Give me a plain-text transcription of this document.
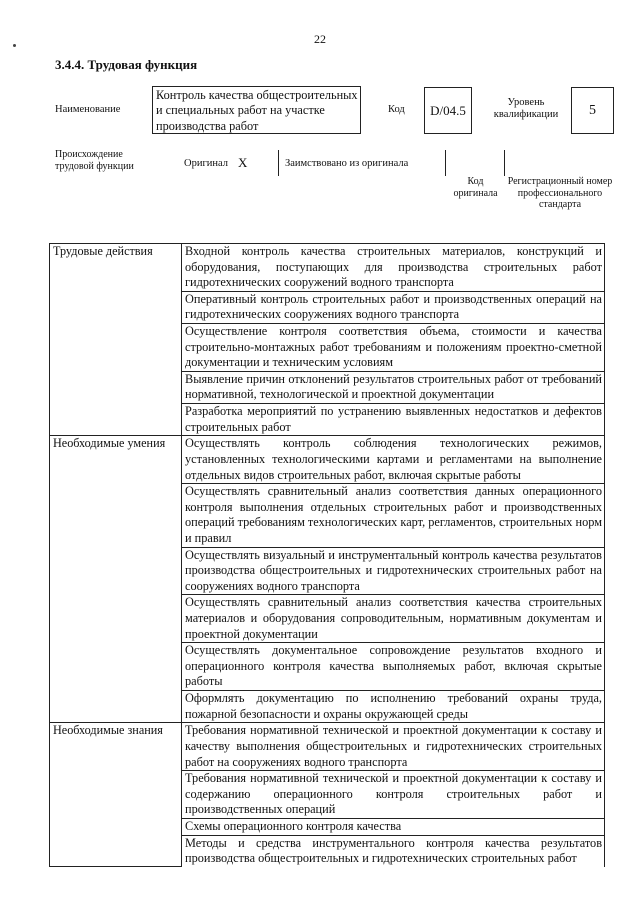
22
3.4.4. Трудовая функция
Наименование
Контроль качества общестроительных и специальных работ на участке производства работ
Код D/04.5	Уровень квалификации	5
Происхождение трудовой функции	Оригинал X	Заимствовано из оригинала
Код оригинала
Регистрационный номер профессионального стандарта
Трудовые действия	Входной контроль качества строительных материалов, конструкций и оборудования, поступающих для производства строительных работ гидротехнических сооружений водного транспорта
	Оперативный контроль строительных работ и производственных операций на гидротехнических сооружениях водного транспорта
	Осуществление контроля соответствия объема, стоимости и качества строительно-монтажных работ требованиям и положениям проектно-сметной документации и техническим условиям
	Выявление причин отклонений результатов строительных работ от требований нормативной, технологической и проектной документации
	Разработка мероприятий по устранению выявленных недостатков и дефектов строительных работ
Необходимые умения	Осуществлять контроль соблюдения технологических режимов, установленных технологическими картами и регламентами на выполнение отдельных видов строительных работ, включая скрытые работы
	Осуществлять сравнительный анализ соответствия данных операционного контроля выполнения отдельных строительных работ и производственных операций требованиям технологических карт, регламентов, строительных норм и правил
	Осуществлять визуальный и инструментальный контроль качества результатов производства общестроительных и гидротехнических строительных работ на сооружениях водного транспорта
	Осуществлять сравнительный анализ соответствия качества строительных материалов и оборудования сопроводительным, нормативным документам и проектной документации
	Осуществлять документальное сопровождение результатов входного и операционного контроля качества выполняемых работ, включая скрытые работы
	Оформлять документацию по исполнению требований охраны труда, пожарной безопасности и охраны окружающей среды
Необходимые знания	Требования нормативной технической и проектной документации к составу и качеству выполнения общестроительных и гидротехнических строительных работ на сооружениях водного транспорта
	Требования нормативной технической и проектной документации к составу и содержанию операционного контроля строительных работ и производственных операций
	Схемы операционного контроля качества
	Методы и средства инструментального контроля качества результатов производства общестроительных и гидротехнических строительных работ
